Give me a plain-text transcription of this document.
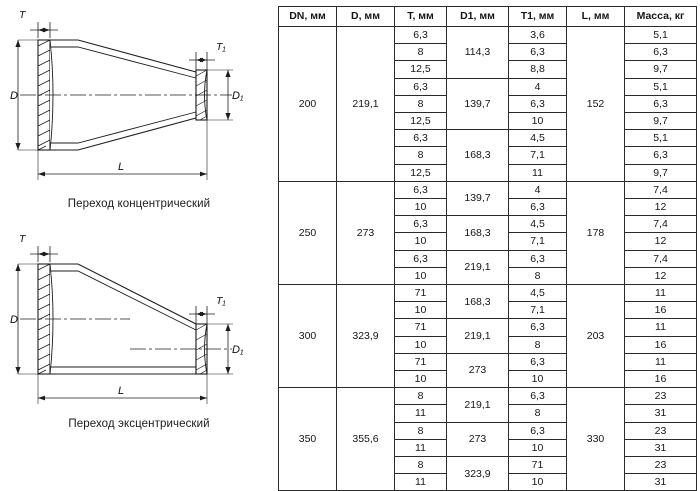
D	D₁
T
T₁
L
Переход концентрический
D
D₁
T
T₁
L
Переход эксцентрический
DN, мм	D, мм	T, мм	D1, мм	T1, мм	L, мм	Масса, кг
200	219,1	6,3	114,3	3,6	152	5,1
		8		6,3		6,3
		12,5		8,8		9,7
		6,3	139,7	4		5,1
		8		6,3		6,3
		12,5		10		9,7
		6,3	168,3	4,5		5,1
		8		7,1		6,3
		12,5		11		9,7
250	273	6,3	139,7	4	178	7,4
		10		6,3		12
		6,3	168,3	4,5		7,4
		10		7,1		12
		6,3	219,1	6,3		7,4
		10		8		12
300	323,9	71	168,3	4,5	203	11
		10		7,1		16
		71	219,1	6,3		11
		10		8		16
		71	273	6,3		11
		10		10		16
350	355,6	8	219,1	6,3	330	23
		11		8		31
		8	273	6,3		23
		11		10		31
		8	323,9	71		23
		11		10		31
